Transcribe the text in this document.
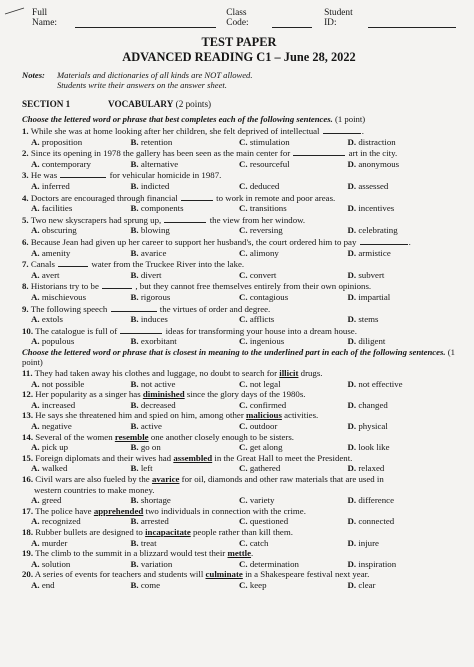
Full Name:
Class Code:
Student ID:
TEST PAPER
ADVANCED READING C1 – June 28, 2022
Notes:	Materials and dictionaries of all kinds are NOT allowed.
Students write their answers on the answer sheet.
SECTION 1	VOCABULARY
(2 points)
Choose the lettered word or phrase that best completes each of the following sentences. (1 point)
1. While she was at home looking after her children, she felt deprived of intellectual	.
A. proposition	B. retention	C. stimulation	D. distraction
2. Since its opening in 1978 the gallery has been seen as the main center for	art in the city.
A. contemporary	B. alternative	C. resourceful	D. anonymous
3. He was	for vehicular homicide in 1987.
A. inferred	B. indicted	C. deduced	D. assessed
4. Doctors are encouraged through financial	to work in remote and poor areas.
A. facilities	B. components	C. transitions	D. incentives
5. Two new skyscrapers had sprung up,	the view from her window.
A. obscuring	B. blowing	C. reversing	D. celebrating
6. Because Jean had given up her career to support her husband's, the court ordered him to pay	.
A. amenity	B. avarice	C. alimony	D. armistice
7. Canals	water from the Truckee River into the lake.
A. avert	B. divert	C. convert	D. subvert
8. Historians try to be	, but they cannot free themselves entirely from their own opinions.
A. mischievous	B. rigorous	C. contagious	D. impartial
9. The following speech	the virtues of order and degree.
A. extols	B. induces	C. afflicts	D. stems
10. The catalogue is full of	ideas for transforming your house into a dream house.
A. populous	B. exorbitant	C. ingenious	D. diligent
Choose the lettered word or phrase that is closest in meaning to the underlined part in each of the following sentences. (1 point)
11. They had taken away his clothes and luggage, no doubt to search for illicit drugs.
A. not possible	B. not active	C. not legal	D. not effective
12. Her popularity as a singer has diminished since the glory days of the 1980s.
A. increased	B. decreased	C. confirmed	D. changed
13. He says she threatened him and spied on him, among other malicious activities.
A. negative	B. active	C. outdoor	D. physical
14. Several of the women resemble one another closely enough to be sisters.
A. pick up	B. go on	C. get along	D. look like
15. Foreign diplomats and their wives had assembled in the Great Hall to meet the President.
A. walked	B. left	C. gathered	D. relaxed
16. Civil wars are also fueled by the avarice for oil, diamonds and other raw materials that are used in
western countries to make money.
A. greed	B. shortage	C. variety	D. difference
17. The police have apprehended two individuals in connection with the crime.
A. recognized	B. arrested	C. questioned	D. connected
18. Rubber bullets are designed to incapacitate people rather than kill them.
A. murder	B. treat	C. catch	D. injure
19. The climb to the summit in a blizzard would test their mettle.
A. solution	B. variation	C. determination	D. inspiration
20. A series of events for teachers and students will culminate in a Shakespeare festival next year.
A. end	B. come	C. keep	D. clear
